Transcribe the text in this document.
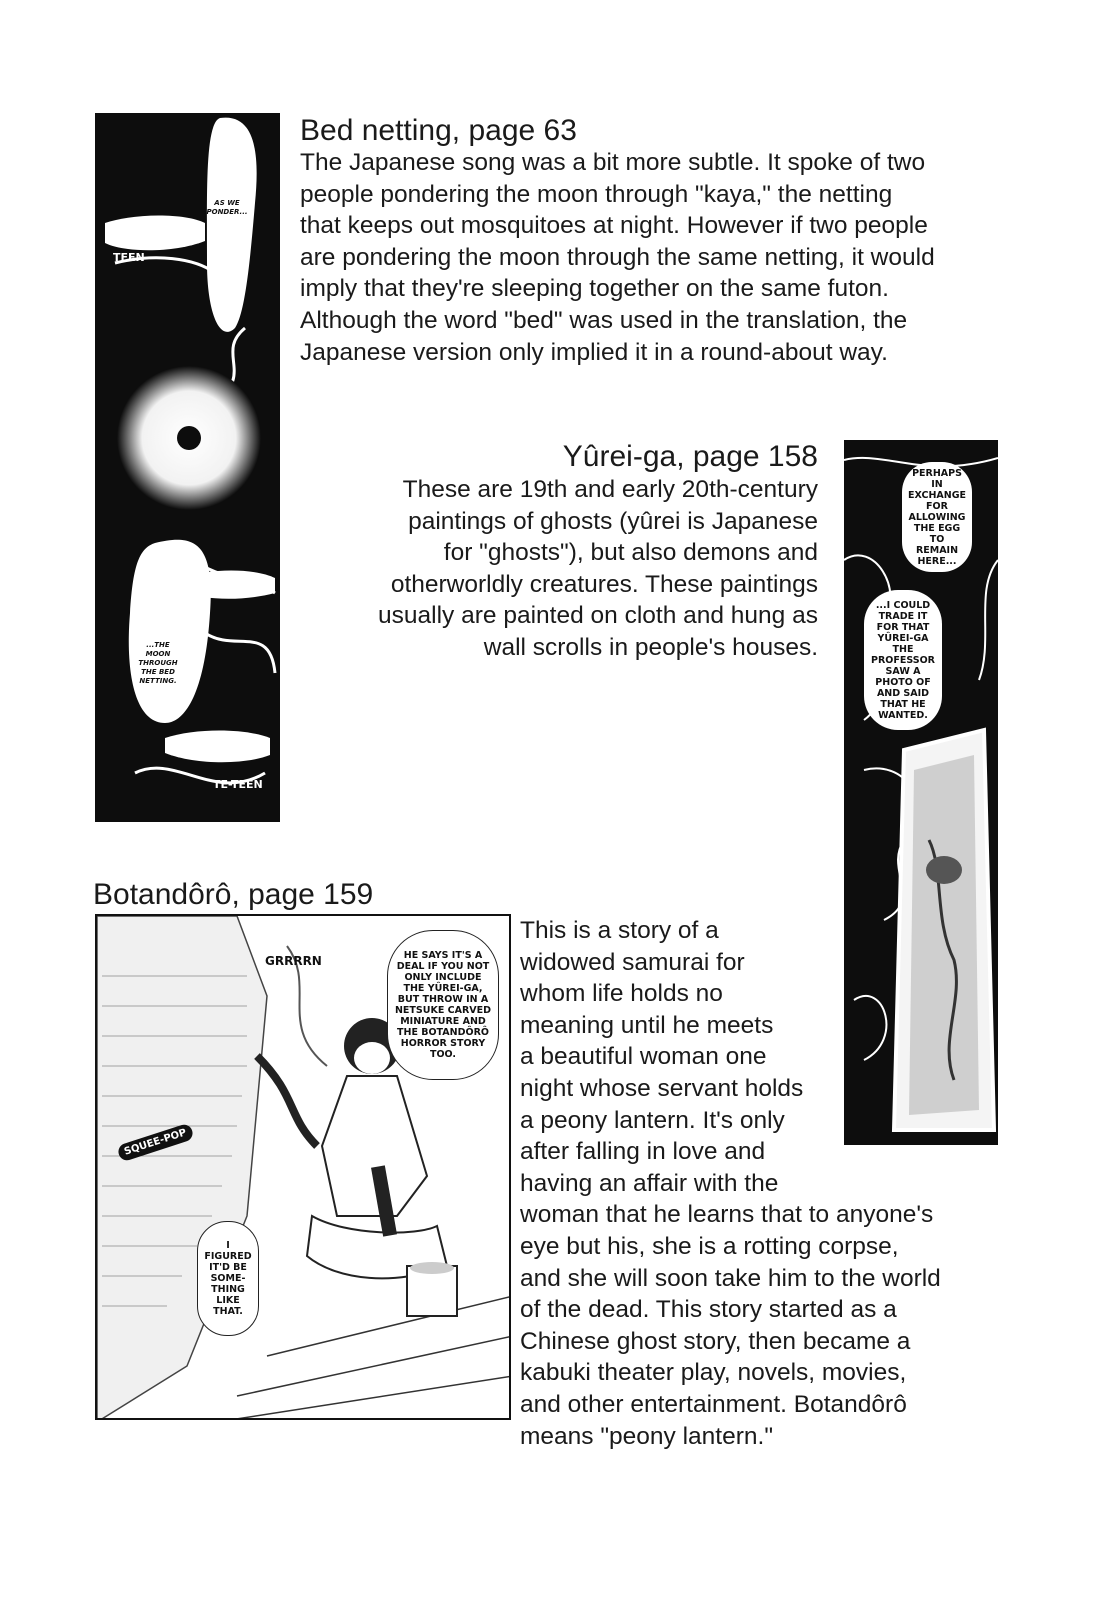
AS WE PONDER...
...THE MOON THROUGH THE BED NETTING.
TEEN
TEEN
TE-TEEN
Bed netting, page 63
The Japanese song was a bit more subtle. It spoke of two
people pondering the moon through "kaya," the netting
that keeps out mosquitoes at night. However if two people
are pondering the moon through the same netting, it would
imply that they're sleeping together on the same futon.
Although the word "bed" was used in the translation, the
Japanese version only implied it in a round-about way.
Yûrei-ga, page 158
These are 19th and early 20th-century
paintings of ghosts (yûrei is Japanese
for "ghosts"), but also demons and
otherworldly creatures. These paintings
usually are painted on cloth and hung as
wall scrolls in people's houses.
PERHAPS IN EXCHANGE FOR ALLOWING THE EGG TO REMAIN HERE...
...I COULD TRADE IT FOR THAT YÛREI-GA THE PROFESSOR SAW A PHOTO OF AND SAID THAT HE WANTED.
Botandôrô, page 159
HE SAYS IT'S A DEAL IF YOU NOT ONLY INCLUDE THE YÛREI-GA, BUT THROW IN A NETSUKE CARVED MINIATURE AND THE BOTANDÔRÔ HORROR STORY TOO.
I FIGURED IT'D BE SOME-THING LIKE THAT.
GRRRRN
SQUEE-POP
This is a story of a
widowed samurai for
whom life holds no
meaning until he meets
a beautiful woman one
night whose servant holds
a peony lantern. It's only
after falling in love and
having an affair with the
woman that he learns that to anyone's
eye but his, she is a rotting corpse,
and she will soon take him to the world
of the dead. This story started as a
Chinese ghost story, then became a
kabuki theater play, novels, movies,
and other entertainment. Botandôrô
means "peony lantern."
